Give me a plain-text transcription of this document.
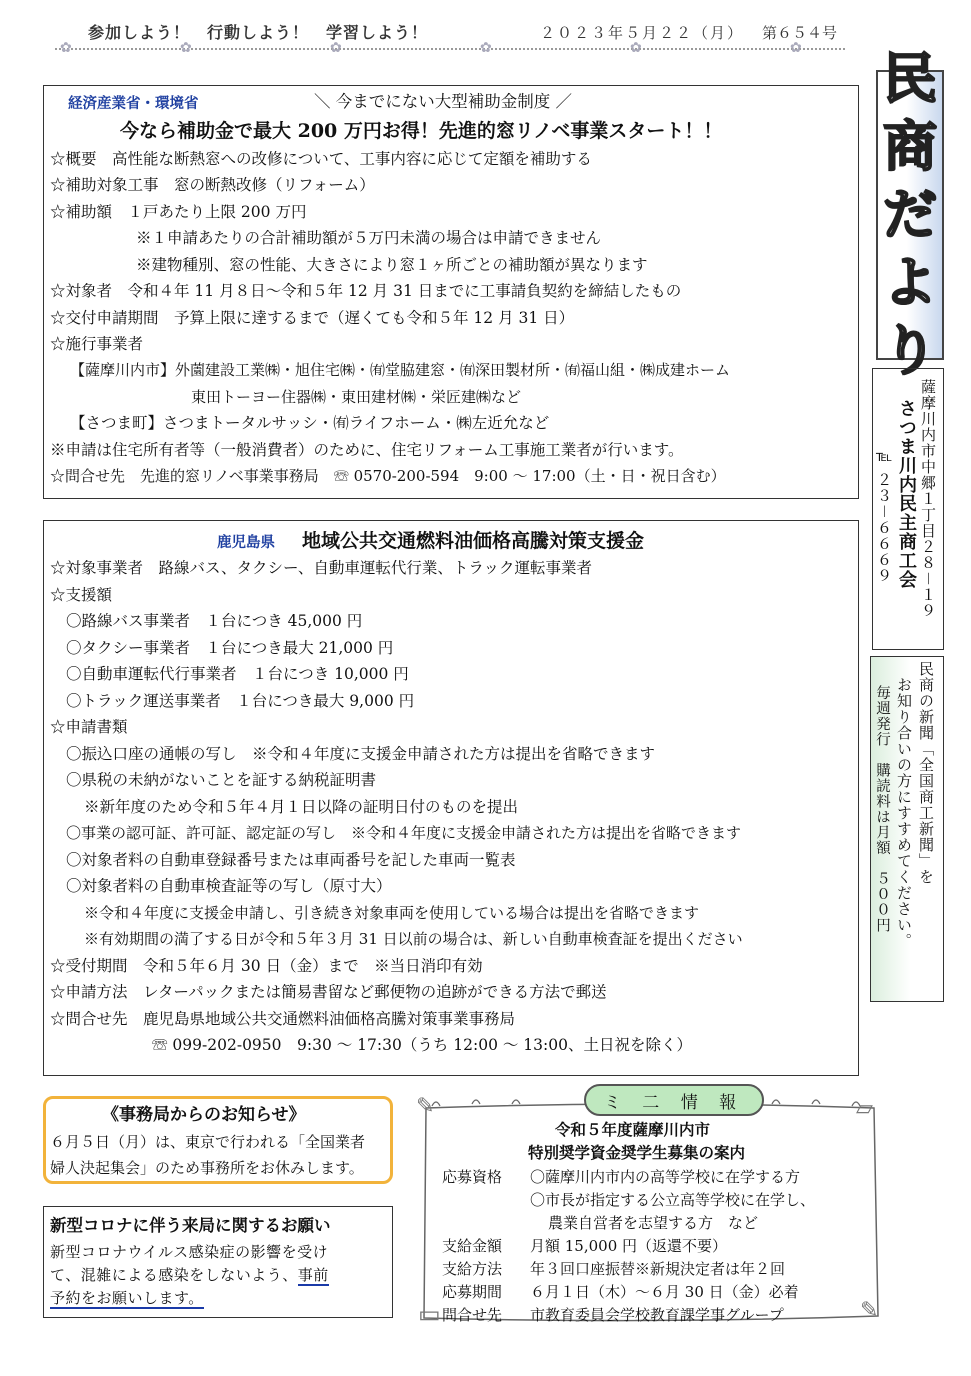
参加しよう！　行動しよう！　学習しよう！	２０２３年５月２２（月） 第６５４号
✿	✿	✿	✿	✿	✿ 民
商
だ
よ
り
薩摩川内市中郷１丁目２８－１９
さつま川内民主商工会
℡ ２３－６６６９
民商の新聞「全国商工新聞」を
お知り合いの方にすすめてください。
毎週発行　購読料は月額　５００円
経済産業省・環境省	＼ 今までにない大型補助金制度 ／
今なら補助金で最大 200 万円お得！先進的窓リノベ事業スタート！！
☆概要　高性能な断熱窓への改修について、工事内容に応じて定額を補助する
☆補助対象工事　窓の断熱改修（リフォーム）
☆補助額　１戸あたり上限 200 万円
※１申請あたりの合計補助額が５万円未満の場合は申請できません
※建物種別、窓の性能、大きさにより窓１ヶ所ごとの補助額が異なります
☆対象者　令和４年 11 月８日～令和５年 12 月 31 日までに工事請負契約を締結したもの
☆交付申請期間　予算上限に達するまで（遅くても令和５年 12 月 31 日）
☆施行事業者
【薩摩川内市】外薗建設工業㈱・旭住宅㈱・㈲堂脇建窓・㈲深田製材所・㈲福山組・㈱成建ホーム
東田トーヨー住器㈱・東田建材㈱・栄匠建㈱など
【さつま町】さつまトータルサッシ・㈲ライフホーム・㈱左近允など
※申請は住宅所有者等（一般消費者）のために、住宅リフォーム工事施工業者が行います。
☆問合せ先　先進的窓リノベ事業事務局　☏ 0570-200-594　9:00 ～ 17:00（土・日・祝日含む）
鹿児島県 地域公共交通燃料油価格高騰対策支援金
☆対象事業者　路線バス、タクシー、自動車運転代行業、トラック運転事業者
☆支援額
〇路線バス事業者　１台につき 45,000 円
〇タクシー事業者　１台につき最大 21,000 円
〇自動車運転代行事業者　１台につき 10,000 円
〇トラック運送事業者　１台につき最大 9,000 円
☆申請書類
〇振込口座の通帳の写し　※令和４年度に支援金申請された方は提出を省略できます
〇県税の未納がないことを証する納税証明書
※新年度のため令和５年４月１日以降の証明日付のものを提出
〇事業の認可証、許可証、認定証の写し　※令和４年度に支援金申請された方は提出を省略できます
〇対象者料の自動車登録番号または車両番号を記した車両一覧表
〇対象者料の自動車検査証等の写し（原寸大）
※令和４年度に支援金申請し、引き続き対象車両を使用している場合は提出を省略できます
※有効期間の満了する日が令和５年３月 31 日以前の場合は、新しい自動車検査証を提出ください
☆受付期間　令和５年６月 30 日（金）まで　※当日消印有効
☆申請方法　レターパックまたは簡易書留など郵便物の追跡ができる方法で郵送
☆問合せ先　鹿児島県地域公共交通燃料油価格高騰対策事業事務局
☏ 099-202-0950　9:30 ～ 17:30（うち 12:00 ～ 13:00、土日祝を除く）
《事務局からのお知らせ》
６月５日（月）は、東京で行われる「全国業者
婦人決起集会」のため事務所をお休みします。
新型コロナに伴う来局に関するお願い
新型コロナウイルス感染症の影響を受け
て、混雑による感染をしないよう、事前
予約をお願いします。
✎	▱
▭	✎
ミ 二 情 報
令和５年度薩摩川内市
特別奨学資金奨学生募集の案内
応募資格 〇薩摩川内市内の高等学校に在学する方
〇市長が指定する公立高等学校に在学し、
農業自営者を志望する方　など
支給金額 月額 15,000 円（返還不要）
支給方法 年３回口座振替※新規決定者は年２回
応募期間 ６月１日（木）～６月 30 日（金）必着
問合せ先 市教育委員会学校教育課学事グループ
